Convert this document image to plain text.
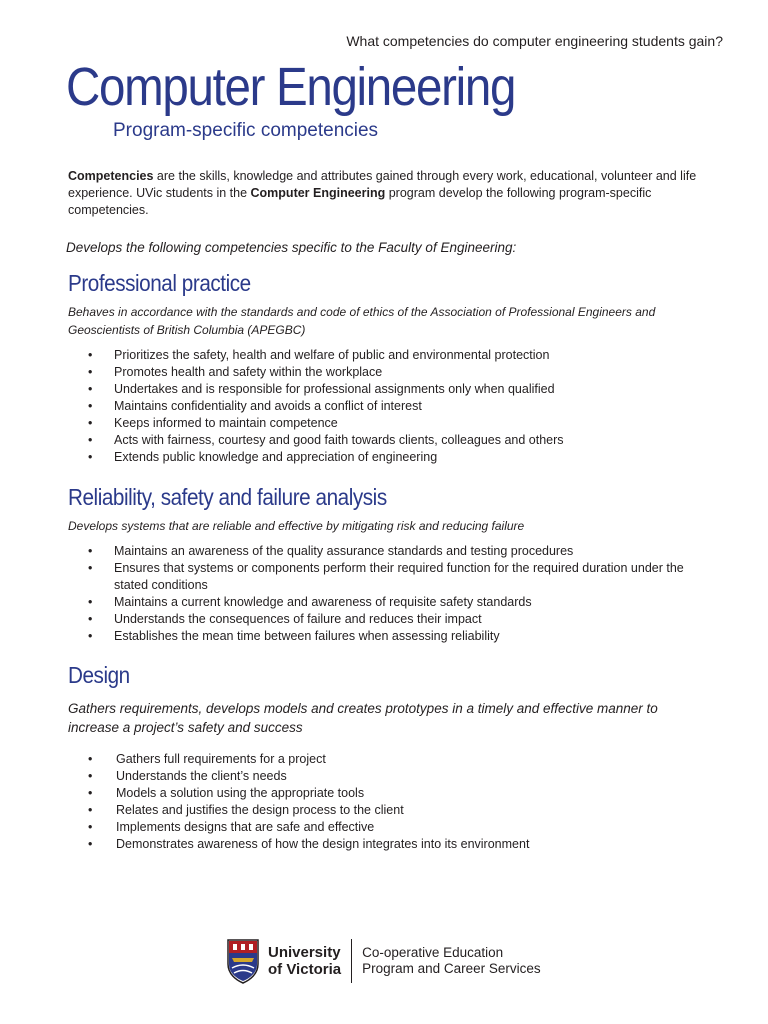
What competencies do computer engineering students gain?
Computer Engineering
Program-specific competencies

Competencies are the skills, knowledge and attributes gained through every work, educational, volunteer and life experience. UVic students in the Computer Engineering program develop the following program-specific competencies.

Develops the following competencies specific to the Faculty of Engineering:

Professional practice

Behaves in accordance with the standards and code of ethics of the Association of Professional Engineers and Geoscientists of British Columbia (APEGBC)

• Prioritizes the safety, health and welfare of public and environmental protection
• Promotes health and safety within the workplace
• Undertakes and is responsible for professional assignments only when qualified
• Maintains confidentiality and avoids a conflict of interest
• Keeps informed to maintain competence
• Acts with fairness, courtesy and good faith towards clients, colleagues and others
• Extends public knowledge and appreciation of engineering
Reliability, safety and failure analysis

Develops systems that are reliable and effective by mitigating risk and reducing failure

• Maintains an awareness of the quality assurance standards and testing procedures
• Ensures that systems or components perform their required function for the required duration under the stated conditions
• Maintains a current knowledge and awareness of requisite safety standards
• Understands the consequences of failure and reduces their impact
• Establishes the mean time between failures when assessing reliability
Design

Gathers requirements, develops models and creates prototypes in a timely and effective manner to increase a project’s safety and success

• Gathers full requirements for a project
• Understands the client’s needs
• Models a solution using the appropriate tools
• Relates and justifies the design process to the client
• Implements designs that are safe and effective
• Demonstrates awareness of how the design integrates into its environment
University
of Victoria
Co-operative Education
Program and Career Services
